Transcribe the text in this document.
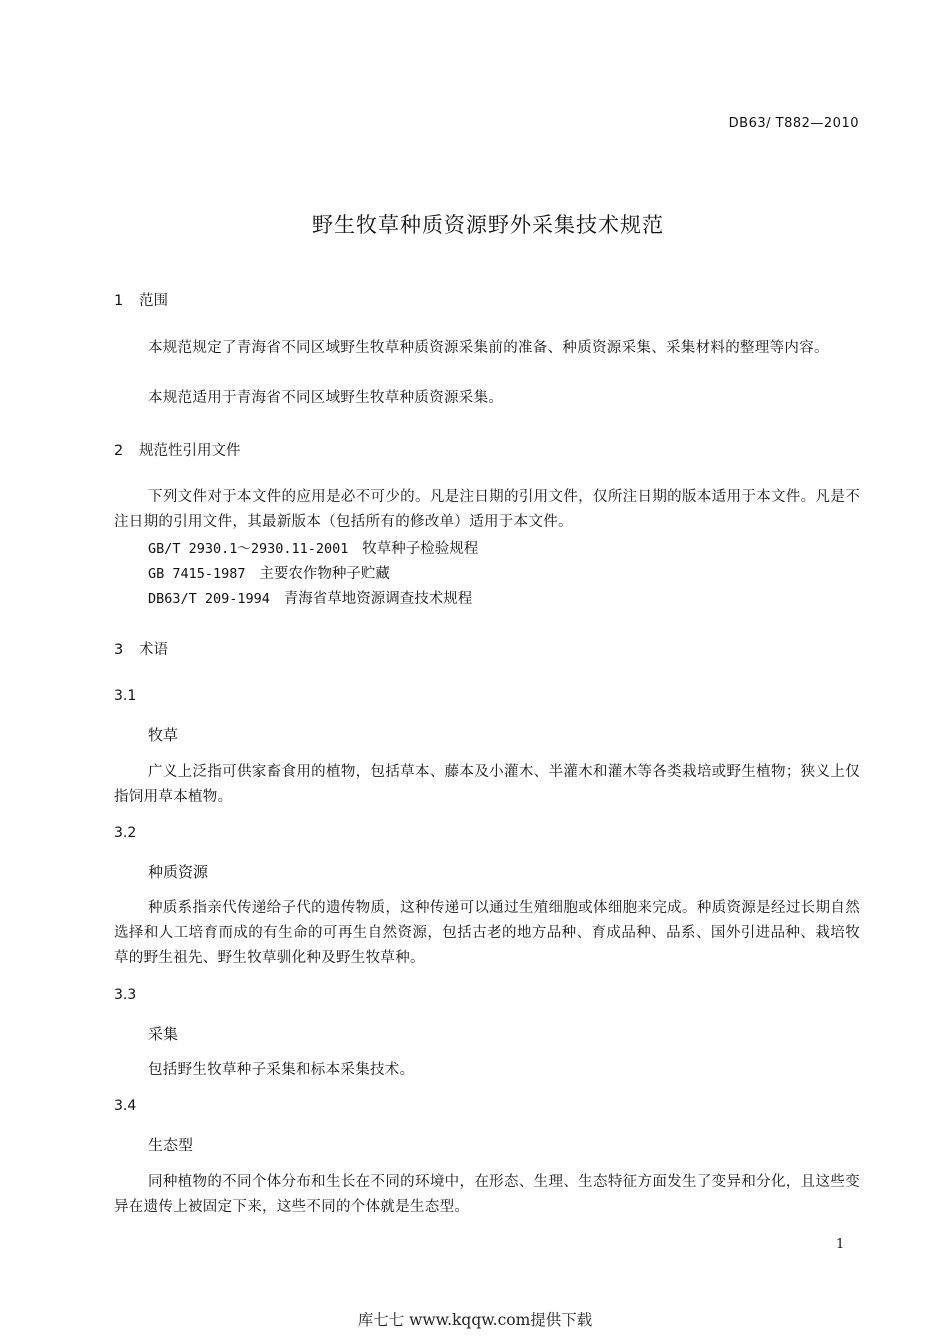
DB63/ T882—2010
野生牧草种质资源野外采集技术规范
1 范围
本规范规定了青海省不同区域野生牧草种质资源采集前的准备、种质资源采集、采集材料的整理等内容。
本规范适用于青海省不同区域野生牧草种质资源采集。
2 规范性引用文件
下列文件对于本文件的应用是必不可少的。凡是注日期的引用文件，仅所注日期的版本适用于本文件。凡是不注日期的引用文件，其最新版本（包括所有的修改单）适用于本文件。
GB/T 2930.1～2930.11-2001 牧草种子检验规程
GB 7415-1987 主要农作物种子贮藏
DB63/T 209-1994 青海省草地资源调查技术规程
3 术语
3.1
牧草
广义上泛指可供家畜食用的植物，包括草本、藤本及小灌木、半灌木和灌木等各类栽培或野生植物；狭义上仅指饲用草本植物。
3.2
种质资源
种质系指亲代传递给子代的遗传物质，这种传递可以通过生殖细胞或体细胞来完成。种质资源是经过长期自然选择和人工培育而成的有生命的可再生自然资源，包括古老的地方品种、育成品种、品系、国外引进品种、栽培牧草的野生祖先、野生牧草驯化种及野生牧草种。
3.3
采集
包括野生牧草种子采集和标本采集技术。
3.4
生态型
同种植物的不同个体分布和生长在不同的环境中，在形态、生理、生态特征方面发生了变异和分化，且这些变异在遗传上被固定下来，这些不同的个体就是生态型。
1
库七七 www.kqqw.com提供下载
